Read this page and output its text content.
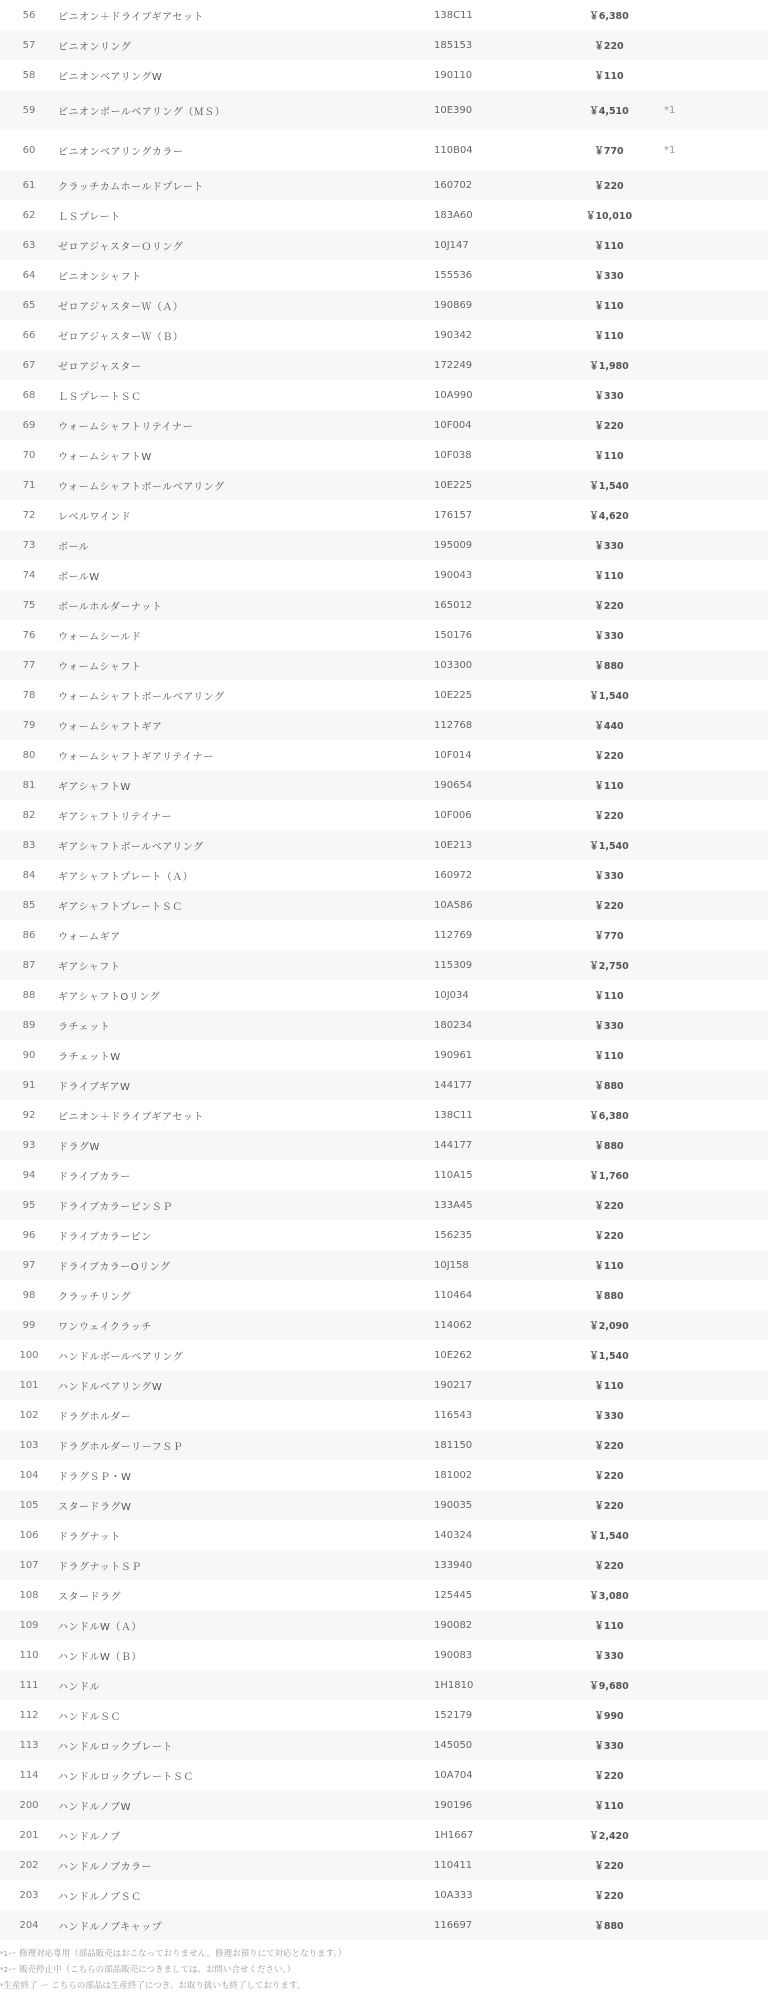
56	ピニオン＋ドライブギアセット	138C11	￥6,380	
57	ピニオンリング	185153	￥220	
58	ピニオンベアリングW	190110	￥110	
59	ピニオンボールベアリング（ＭＳ）	10E390	￥4,510	*1
60	ピニオンベアリングカラー	110B04	￥770	*1
61	クラッチカムホールドプレート	160702	￥220	
62	ＬＳプレート	183A60	￥10,010	
63	ゼロアジャスターＯリング	10J147	￥110	
64	ピニオンシャフト	155536	￥330	
65	ゼロアジャスターＷ（Ａ）	190869	￥110	
66	ゼロアジャスターＷ（Ｂ）	190342	￥110	
67	ゼロアジャスター	172249	￥1,980	
68	ＬＳプレートＳＣ	10A990	￥330	
69	ウォームシャフトリテイナー	10F004	￥220	
70	ウォームシャフトW	10F038	￥110	
71	ウォームシャフトボールベアリング	10E225	￥1,540	
72	レベルワインド	176157	￥4,620	
73	ボール	195009	￥330	
74	ボールW	190043	￥110	
75	ボールホルダーナット	165012	￥220	
76	ウォームシールド	150176	￥330	
77	ウォームシャフト	103300	￥880	
78	ウォームシャフトボールベアリング	10E225	￥1,540	
79	ウォームシャフトギア	112768	￥440	
80	ウォームシャフトギアリテイナー	10F014	￥220	
81	ギアシャフトW	190654	￥110	
82	ギアシャフトリテイナー	10F006	￥220	
83	ギアシャフトボールベアリング	10E213	￥1,540	
84	ギアシャフトプレート（Ａ）	160972	￥330	
85	ギアシャフトプレートＳＣ	10A586	￥220	
86	ウォームギア	112769	￥770	
87	ギアシャフト	115309	￥2,750	
88	ギアシャフトOリング	10J034	￥110	
89	ラチェット	180234	￥330	
90	ラチェットW	190961	￥110	
91	ドライブギアW	144177	￥880	
92	ピニオン＋ドライブギアセット	138C11	￥6,380	
93	ドラグW	144177	￥880	
94	ドライブカラー	110A15	￥1,760	
95	ドライブカラーピンＳＰ	133A45	￥220	
96	ドライブカラーピン	156235	￥220	
97	ドライブカラーOリング	10J158	￥110	
98	クラッチリング	110464	￥880	
99	ワンウェイクラッチ	114062	￥2,090	
100	ハンドルボールベアリング	10E262	￥1,540	
101	ハンドルベアリングW	190217	￥110	
102	ドラグホルダー	116543	￥330	
103	ドラグホルダーリーフＳＰ	181150	￥220	
104	ドラグＳＰ・W	181002	￥220	
105	スタードラグW	190035	￥220	
106	ドラグナット	140324	￥1,540	
107	ドラグナットＳＰ	133940	￥220	
108	スタードラグ	125445	￥3,080	
109	ハンドルW（Ａ）	190082	￥110	
110	ハンドルW（Ｂ）	190083	￥330	
111	ハンドル	1H1810	￥9,680	
112	ハンドルＳＣ	152179	￥990	
113	ハンドルロックプレート	145050	￥330	
114	ハンドルロックプレートＳＣ	10A704	￥220	
200	ハンドルノブW	190196	￥110	
201	ハンドルノブ	1H1667	￥2,420	
202	ハンドルノブカラー	110411	￥220	
203	ハンドルノブＳＣ	10A333	￥220	
204	ハンドルノブキャップ	116697	￥880	

$^{*1}$ー 修理対応専用（部品販売はおこなっておりません。修理お預りにて対応となります。）

$^{*2}$ー 販売停止中（こちらの部品販売につきましては、お問い合せください。）

*生産終了 ー こちらの部品は生産終了につき、お取り扱いも終了しております。
